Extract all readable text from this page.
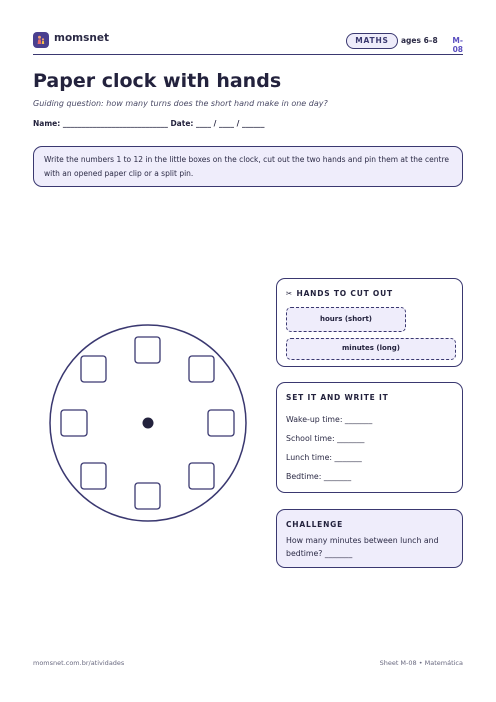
momsnet	MATHS	ages 6–8	M-08
Paper clock with hands
Guiding question: how many turns does the short hand make in one day?
Name: ____________________________ Date: ____ / ____ / ______
Write the numbers 1 to 12 in the little boxes on the clock, cut out the two hands and pin them at the centre with an opened paper clip or a split pin.
✂ HANDS TO CUT OUT
hours (short)
minutes (long)
SET IT AND WRITE IT
Wake-up time: _______
School time: _______
Lunch time: _______
Bedtime: _______
CHALLENGE
How many minutes between lunch and bedtime? _______
momsnet.com.br/atividades	Sheet M-08 • Matemática
